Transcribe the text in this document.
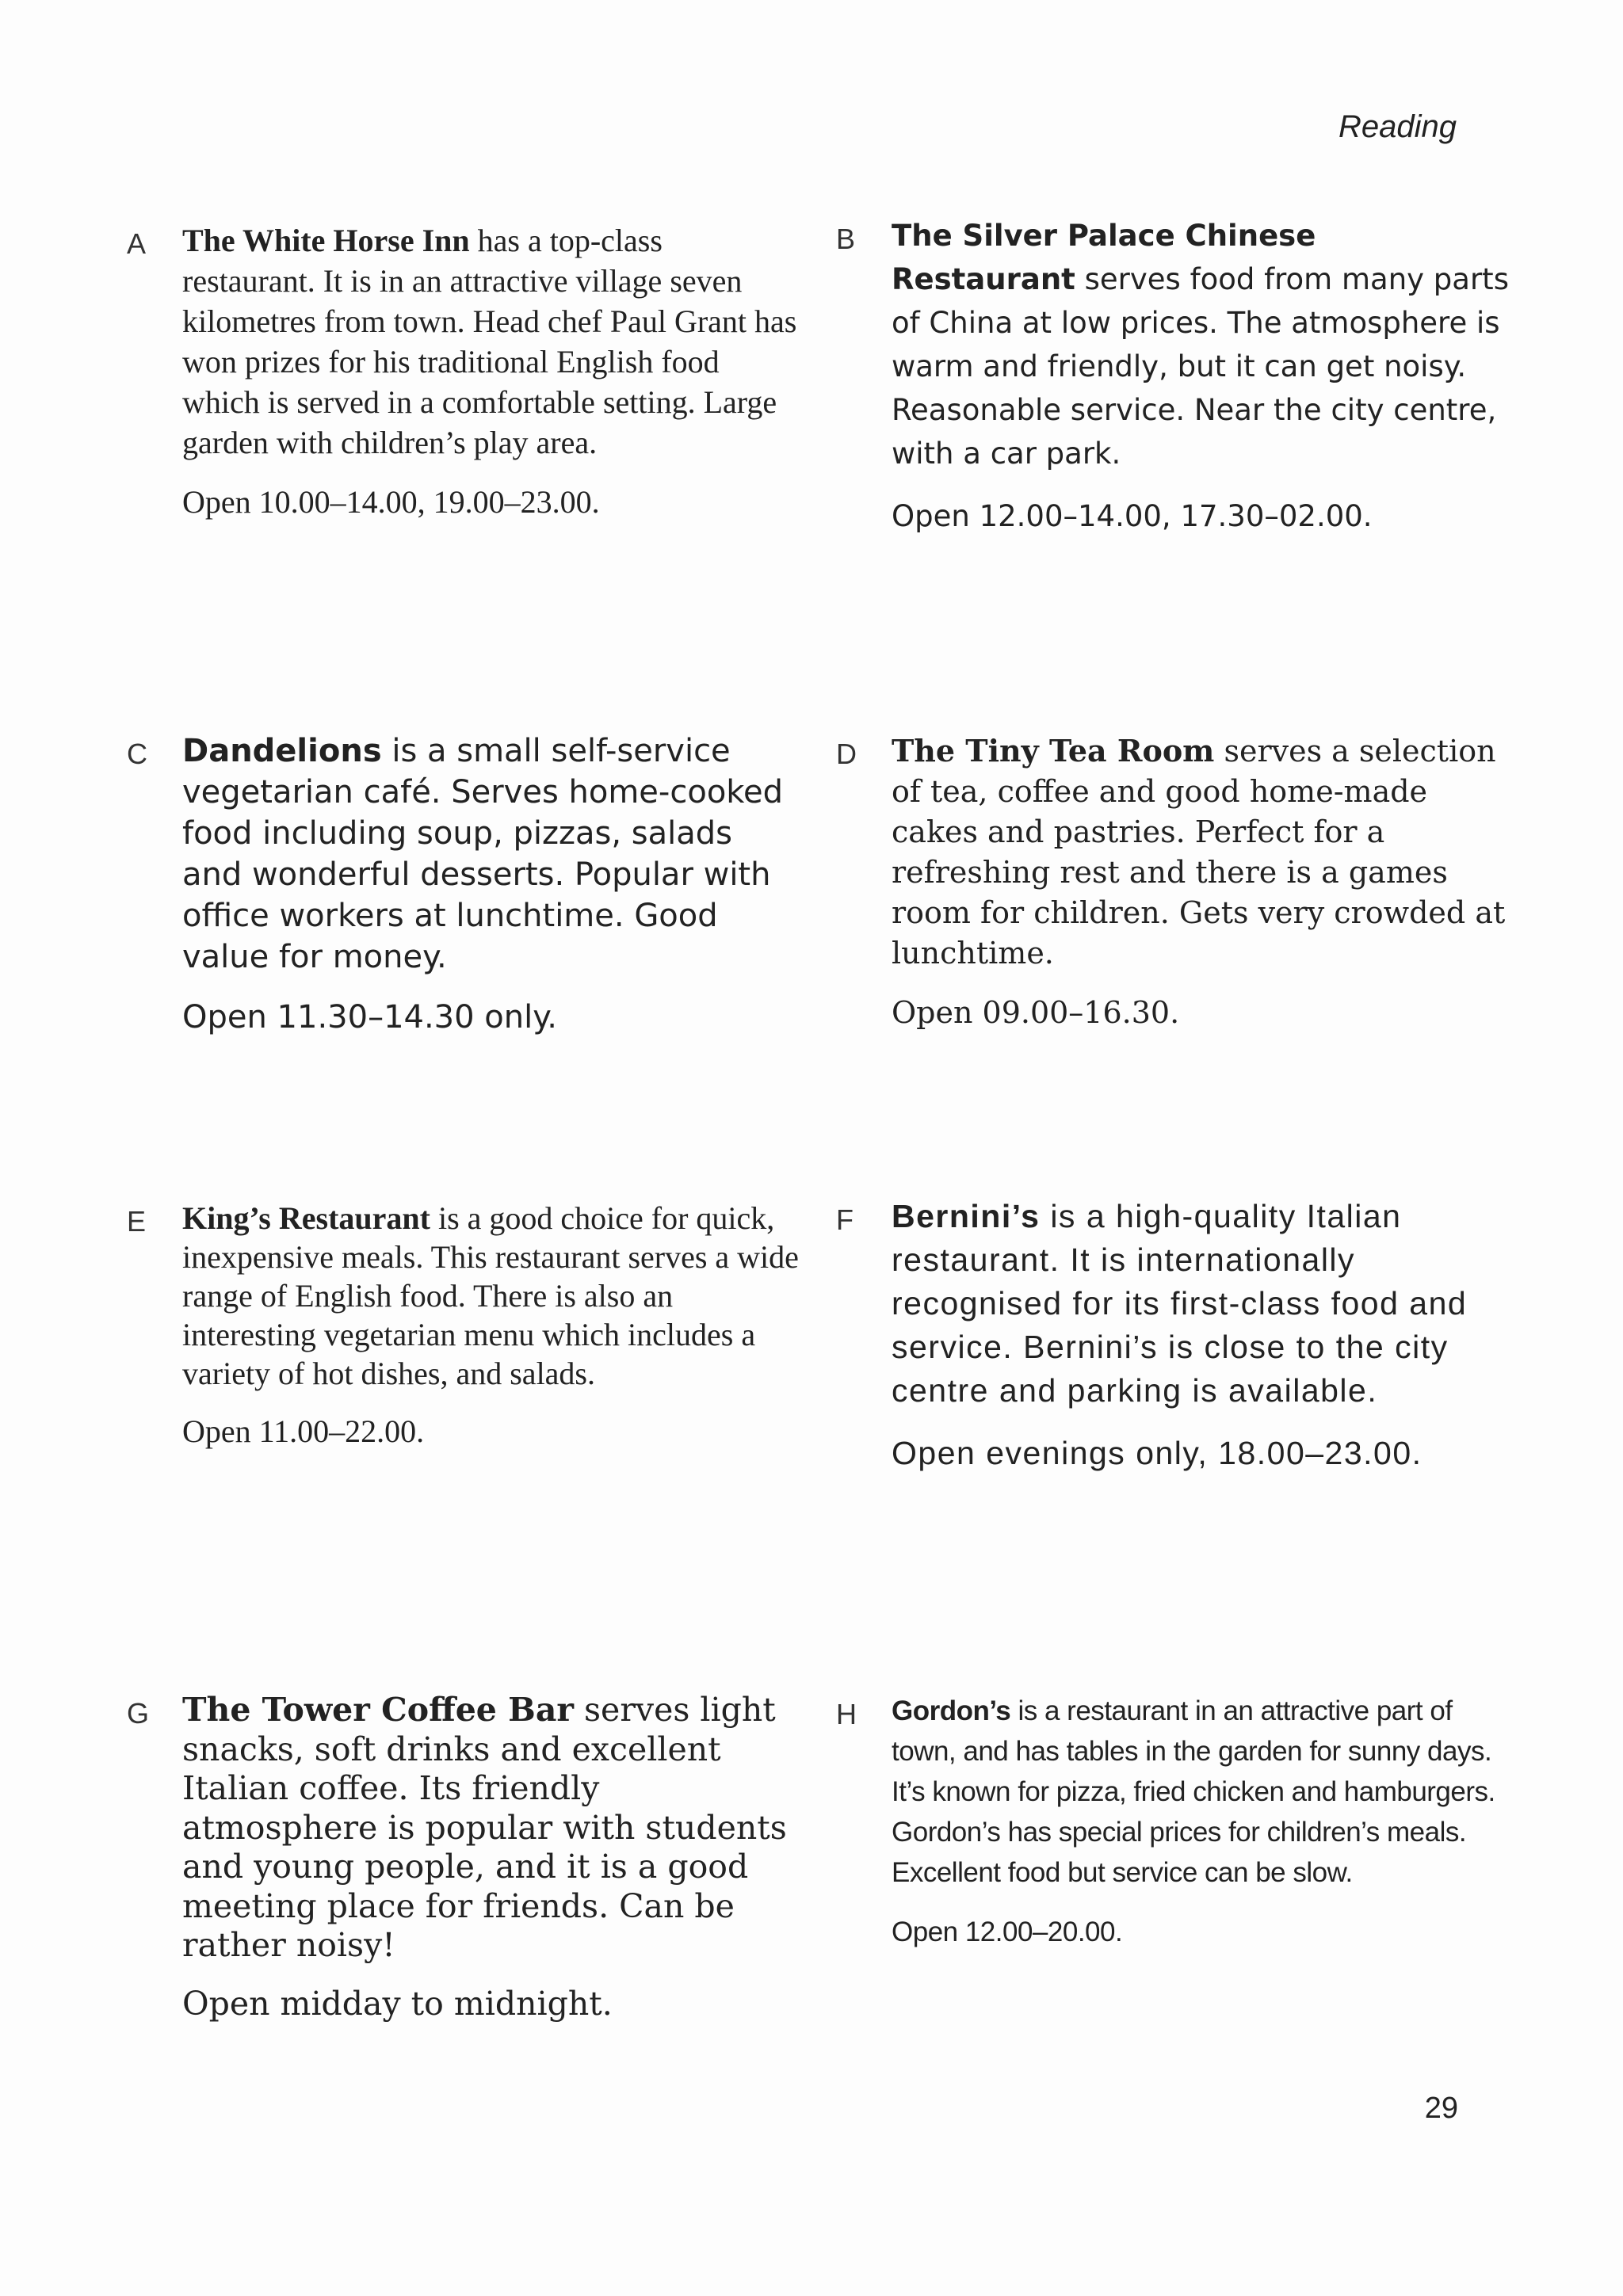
Reading
A The White Horse Inn has a top-class restaurant. It is in an attractive village seven kilometres from town. Head chef Paul Grant has won prizes for his traditional English food which is served in a comfortable setting. Large garden with children’s play area.

Open 10.00–14.00, 19.00–23.00.

B The Silver Palace Chinese Restaurant serves food from many parts of China at low prices. The atmosphere is warm and friendly, but it can get noisy. Reasonable service. Near the city centre, with a car park.

Open 12.00–14.00, 17.30–02.00.

C Dandelions is a small self-service vegetarian café. Serves home-cooked food including soup, pizzas, salads and wonderful desserts. Popular with office workers at lunchtime. Good value for money.

Open 11.30–14.30 only.

D The Tiny Tea Room serves a selection of tea, coffee and good home-made cakes and pastries. Perfect for a refreshing rest and there is a games room for children. Gets very crowded at lunchtime.

Open 09.00–16.30.

E King’s Restaurant is a good choice for quick, inexpensive meals. This restaurant serves a wide range of English food. There is also an interesting vegetarian menu which includes a variety of hot dishes, and salads.

Open 11.00–22.00.

F Bernini’s is a high-quality Italian restaurant. It is internationally recognised for its first-class food and service. Bernini’s is close to the city centre and parking is available.

Open evenings only, 18.00–23.00.

G The Tower Coffee Bar serves light snacks, soft drinks and excellent Italian coffee. Its friendly atmosphere is popular with students and young people, and it is a good meeting place for friends. Can be rather noisy!

Open midday to midnight.

H Gordon’s is a restaurant in an attractive part of town, and has tables in the garden for sunny days. It’s known for pizza, fried chicken and hamburgers. Gordon’s has special prices for children’s meals. Excellent food but service can be slow.

Open 12.00–20.00.

29
